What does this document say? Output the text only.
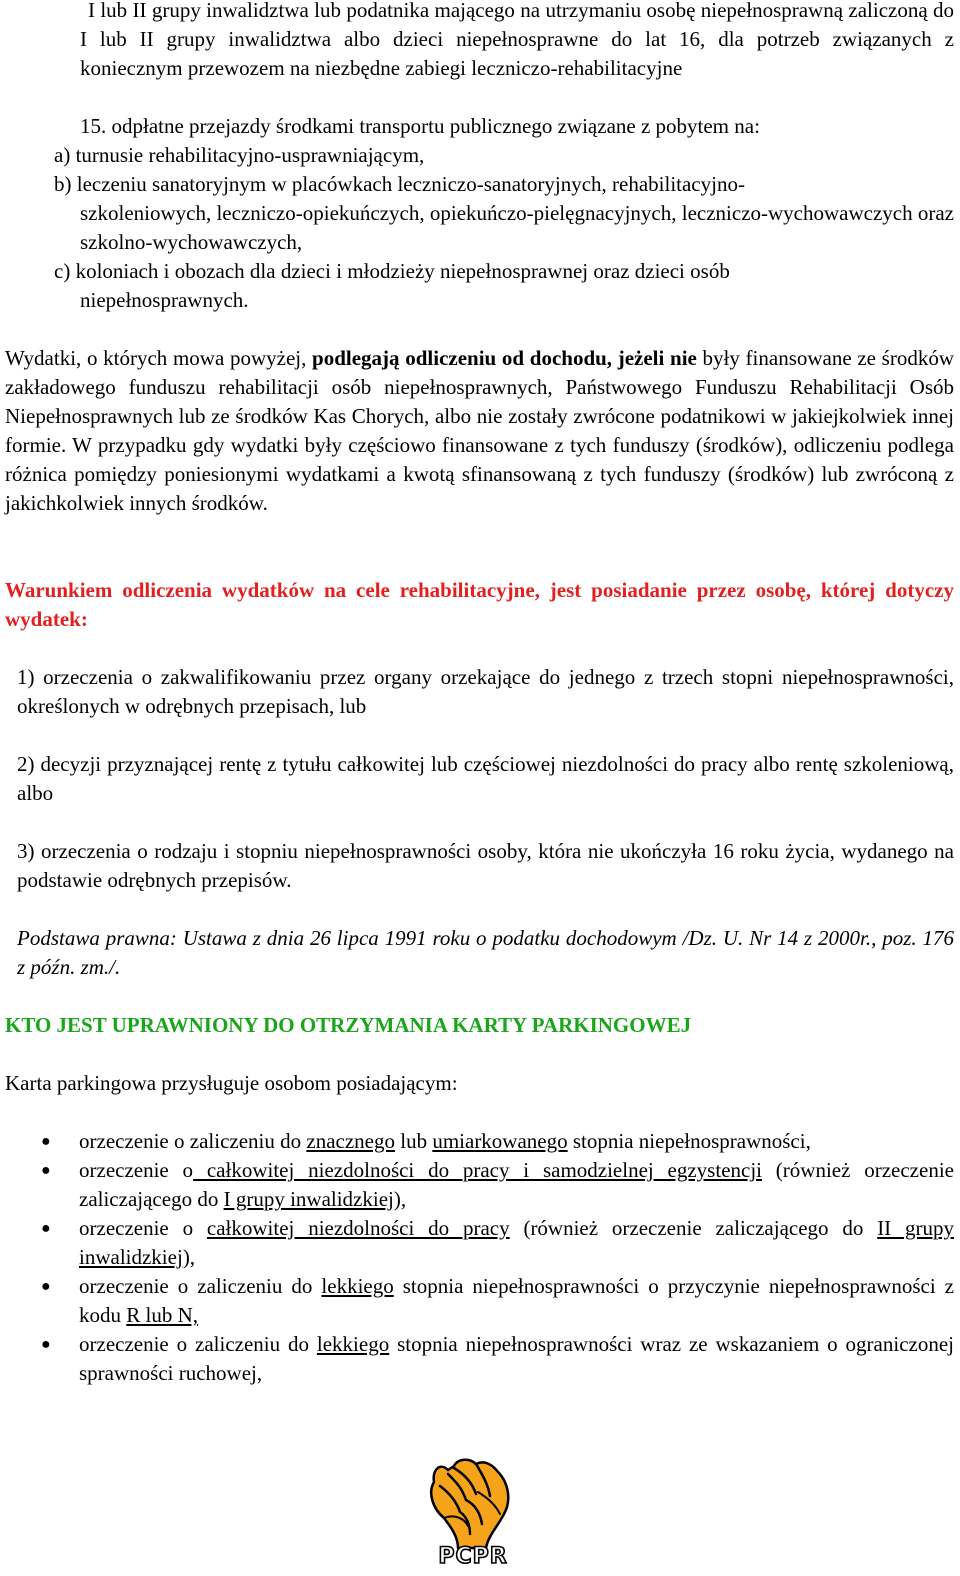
I lub II grupy inwalidztwa lub podatnika mającego na utrzymaniu osobę niepełnosprawną zaliczoną do I lub II grupy inwalidztwa albo dzieci niepełnosprawne do lat 16, dla potrzeb związanych z koniecznym przewozem na niezbędne zabiegi leczniczo-rehabilitacyjne

15. odpłatne przejazdy środkami transportu publicznego związane z pobytem na:

a) turnusie rehabilitacyjno-usprawniającym,

b) leczeniu sanatoryjnym w placówkach leczniczo-sanatoryjnych, rehabilitacyjno-

szkoleniowych, leczniczo-opiekuńczych, opiekuńczo-pielęgnacyjnych, leczniczo-wychowawczych oraz szkolno-wychowawczych,

c) koloniach i obozach dla dzieci i młodzieży niepełnosprawnej oraz dzieci osób

niepełnosprawnych.

Wydatki, o których mowa powyżej, podlegają odliczeniu od dochodu, jeżeli nie były finansowane ze środków zakładowego funduszu rehabilitacji osób niepełnosprawnych, Państwowego Funduszu Rehabilitacji Osób Niepełnosprawnych lub ze środków Kas Chorych, albo nie zostały zwrócone podatnikowi w jakiejkolwiek innej formie. W przypadku gdy wydatki były częściowo finansowane z tych funduszy (środków), odliczeniu podlega różnica pomiędzy poniesionymi wydatkami a kwotą sfinansowaną z tych funduszy (środków) lub zwróconą z jakichkolwiek innych środków.

Warunkiem odliczenia wydatków na cele rehabilitacyjne, jest posiadanie przez osobę, której dotyczy wydatek:

1) orzeczenia o zakwalifikowaniu przez organy orzekające do jednego z trzech stopni niepełnosprawności, określonych w odrębnych przepisach, lub

2) decyzji przyznającej rentę z tytułu całkowitej lub częściowej niezdolności do pracy albo rentę szkoleniową, albo

3) orzeczenia o rodzaju i stopniu niepełnosprawności osoby, która nie ukończyła 16 roku życia, wydanego na podstawie odrębnych przepisów.

Podstawa prawna: Ustawa z dnia 26 lipca 1991 roku o podatku dochodowym /Dz. U. Nr 14 z 2000r., poz. 176 z późn. zm./.

KTO JEST UPRAWNIONY DO OTRZYMANIA KARTY PARKINGOWEJ

Karta parkingowa przysługuje osobom posiadającym:

● orzeczenie o zaliczeniu do znacznego lub umiarkowanego stopnia niepełnosprawności,
● orzeczenie o całkowitej niezdolności do pracy i samodzielnej egzystencji (również orzeczenie zaliczającego do I grupy inwalidzkiej),
● orzeczenie o całkowitej niezdolności do pracy (również orzeczenie zaliczającego do II grupy inwalidzkiej),
● orzeczenie o zaliczeniu do lekkiego stopnia niepełnosprawności o przyczynie niepełnosprawności z kodu R lub N,
● orzeczenie o zaliczeniu do lekkiego stopnia niepełnosprawności wraz ze wskazaniem o ograniczonej sprawności ruchowej,
PCPR
